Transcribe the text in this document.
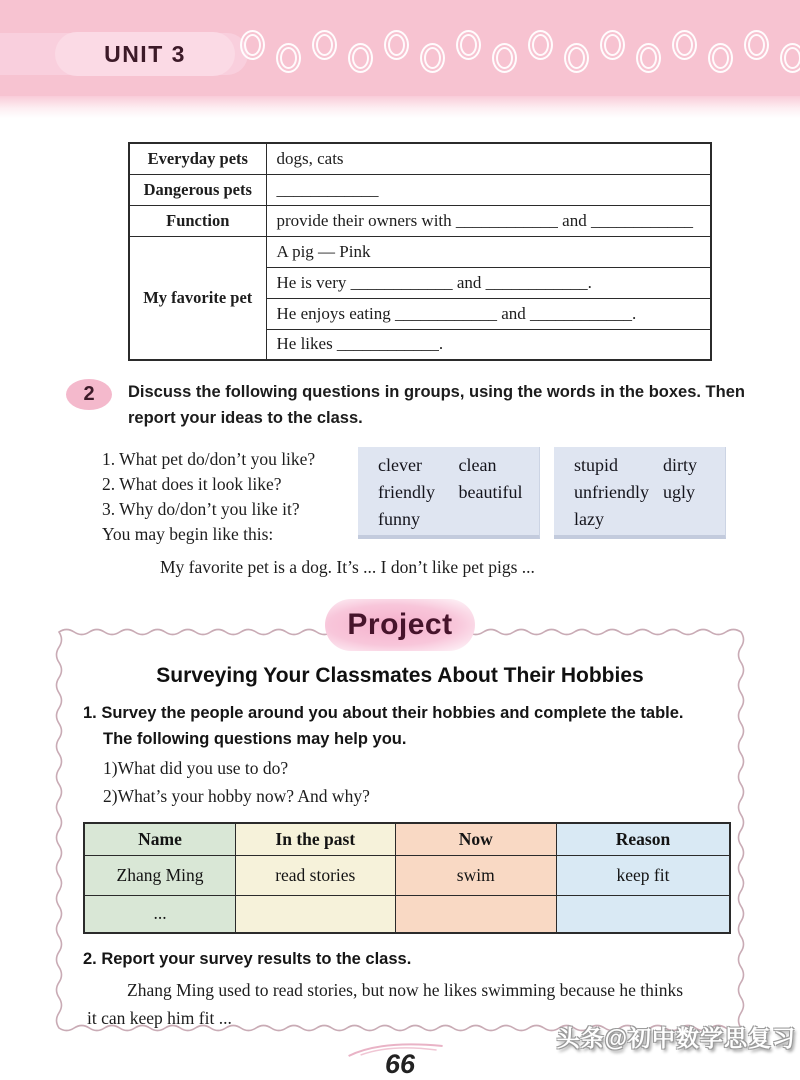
UNIT 3
Everyday pets	dogs, cats
Dangerous pets	____________
Function	provide their owners with ____________ and ____________
My favorite pet	A pig — Pink
	He is very ____________ and ____________.
	He enjoys eating ____________ and ____________.
	He likes ____________.
2	Discuss the following questions in groups, using the words in the boxes. Then report your ideas to the class.
1. What pet do/don’t you like?
2. What does it look like?
3. Why do/don’t you like it?
You may begin like this:
clever	clean
friendly	beautiful
funny
stupid	dirty
unfriendly ugly
lazy
My favorite pet is a dog. It’s ... I don’t like pet pigs ...
Project
Surveying Your Classmates About Their Hobbies
1. Survey the people around you about their hobbies and complete the table.
The following questions may help you.
1)What did you use to do?
2)What’s your hobby now? And why?
Name	In the past	Now	Reason
Zhang Ming	read stories	swim	keep fit
...			
2. Report your survey results to the class.
Zhang Ming used to read stories, but now he likes swimming because he thinks
it can keep him fit ...
头条@初中数学思复习
66
